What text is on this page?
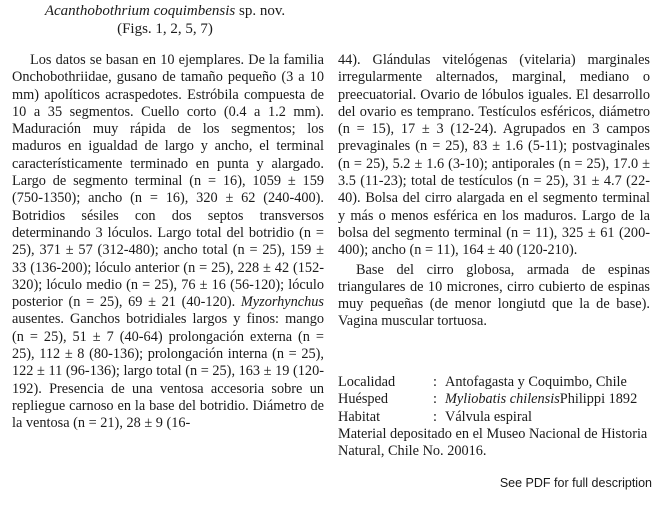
Acanthobothrium coquimbensis sp. nov.
(Figs. 1, 2, 5, 7)

Los datos se basan en 10 ejemplares. De la familia Onchobothriidae, gusano de tamaño pequeño (3 a 10 mm) apolíticos acraspedotes. Estróbila compuesta de 10 a 35 segmentos. Cuello corto (0.4 a 1.2 mm). Maduración muy rápida de los segmentos; los maduros en igualdad de largo y ancho, el terminal característicamente terminado en punta y alargado. Largo de segmento terminal (n = 16), 1059 ± 159 (750-1350); ancho (n = 16), 320 ± 62 (240-400). Botridios sésiles con dos septos transversos determinando 3 lóculos. Largo total del botridio (n = 25), 371 ± 57 (312-480); ancho total (n = 25), 159 ± 33 (136-200); lóculo anterior (n = 25), 228 ± 42 (152-320); lóculo medio (n = 25), 76 ± 16 (56-120); lóculo posterior (n = 25), 69 ± 21 (40-120). Myzorhynchus ausentes. Ganchos botridiales largos y finos: mango (n = 25), 51 ± 7 (40-64) prolongación externa (n = 25), 112 ± 8 (80-136); prolongación interna (n = 25), 122 ± 11 (96-136); largo total (n = 25), 163 ± 19 (120-192). Presencia de una ventosa accesoria sobre un repliegue carnoso en la base del botridio. Diámetro de la ventosa (n = 21), 28 ± 9 (16-

44). Glándulas vitelógenas (vitelaria) marginales irregularmente alternados, marginal, mediano o preecuatorial. Ovario de lóbulos iguales. El desarrollo del ovario es temprano. Testículos esféricos, diámetro (n = 15), 17 ± 3 (12-24). Agrupados en 3 campos prevaginales (n = 25), 83 ± 1.6 (5-11); postvaginales (n = 25), 5.2 ± 1.6 (3-10); antiporales (n = 25), 17.0 ± 3.5 (11-23); total de testículos (n = 25), 31 ± 4.7 (22-40). Bolsa del cirro alargada en el segmento terminal y más o menos esférica en los maduros. Largo de la bolsa del segmento terminal (n = 11), 325 ± 61 (200-400); ancho (n = 11), 164 ± 40 (120-210).

Base del cirro globosa, armada de espinas triangulares de 10 micrones, cirro cubierto de espinas muy pequeñas (de menor longiutd que la de base). Vagina muscular tortuosa.

Localidad	: Antofagasta y Coquimbo, Chile
Huésped	: Myliobatis chilensis Philippi 1892
Habitat	: Válvula espiral
Material depositado en el Museo Nacional de Historia Natural, Chile No. 20016.
See PDF for full description
